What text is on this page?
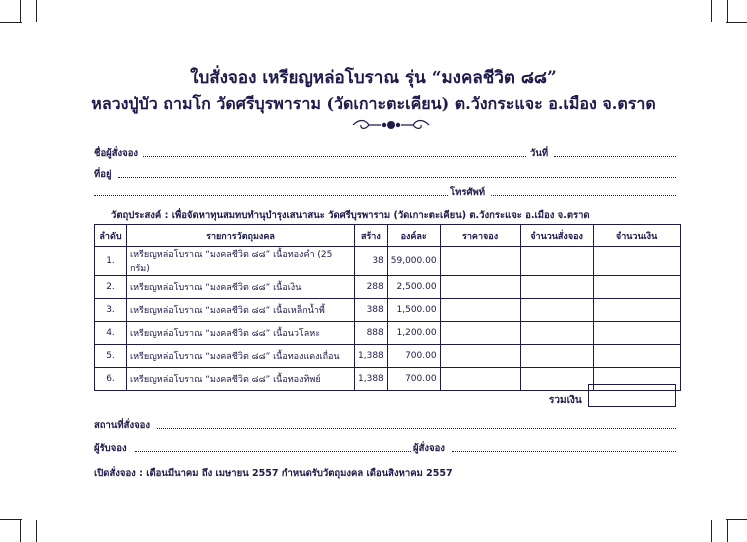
ใบสั่งจอง เหรียญหล่อโบราณ รุ่น “มงคลชีวิต ๘๘”
หลวงปู่บัว ถามโก วัดศรีบุรพาราม (วัดเกาะตะเคียน) ต.วังกระแจะ อ.เมือง จ.ตราด
ชื่อผู้สั่งจอง	วันที่
ที่อยู่
โทรศัพท์
วัตถุประสงค์ : เพื่อจัดหาทุนสมทบทำนุบำรุงเสนาสนะ วัดศรีบุรพาราม (วัดเกาะตะเคียน) ต.วังกระแจะ อ.เมือง จ.ตราด
ลำดับ	รายการวัตถุมงคล	สร้าง	องค์ละ	ราคาจอง	จำนวนสั่งจอง	จำนวนเงิน
1.	เหรียญหล่อโบราณ “มงคลชีวิต ๘๘” เนื้อทองคำ (25 กรัม)	38	59,000.00			
2.	เหรียญหล่อโบราณ “มงคลชีวิต ๘๘” เนื้อเงิน	288	2,500.00			
3.	เหรียญหล่อโบราณ “มงคลชีวิต ๘๘” เนื้อเหล็กน้ำพี้	388	1,500.00			
4.	เหรียญหล่อโบราณ “มงคลชีวิต ๘๘” เนื้อนวโลหะ	888	1,200.00			
5.	เหรียญหล่อโบราณ “มงคลชีวิต ๘๘” เนื้อทองแดงเถื่อน	1,388	700.00			
6.	เหรียญหล่อโบราณ “มงคลชีวิต ๘๘” เนื้อทองทิพย์	1,388	700.00			
รวมเงิน
สถานที่สั่งจอง
ผู้รับจอง	ผู้สั่งจอง
เปิดสั่งจอง : เดือนมีนาคม ถึง เมษายน 2557 กำหนดรับวัตถุมงคล เดือนสิงหาคม 2557
